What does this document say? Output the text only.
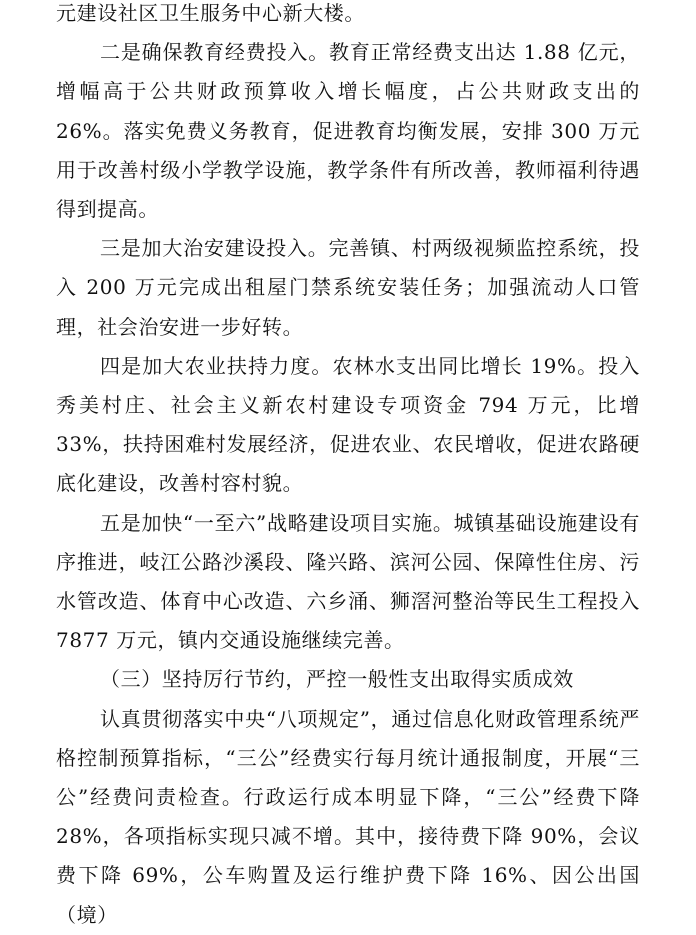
元建设社区卫生服务中心新大楼。

二是确保教育经费投入。教育正常经费支出达 1.88 亿元，增幅高于公共财政预算收入增长幅度，占公共财政支出的 26%。落实免费义务教育，促进教育均衡发展，安排 300 万元用于改善村级小学教学设施，教学条件有所改善，教师福利待遇得到提高。

三是加大治安建设投入。完善镇、村两级视频监控系统，投入 200 万元完成出租屋门禁系统安装任务；加强流动人口管理，社会治安进一步好转。

四是加大农业扶持力度。农林水支出同比增长 19%。投入秀美村庄、社会主义新农村建设专项资金 794 万元，比增 33%，扶持困难村发展经济，促进农业、农民增收，促进农路硬底化建设，改善村容村貌。

五是加快“一至六”战略建设项目实施。城镇基础设施建设有序推进，岐江公路沙溪段、隆兴路、滨河公园、保障性住房、污水管改造、体育中心改造、六乡涌、狮滘河整治等民生工程投入 7877 万元，镇内交通设施继续完善。

（三）坚持厉行节约，严控一般性支出取得实质成效

认真贯彻落实中央“八项规定”，通过信息化财政管理系统严格控制预算指标，“三公”经费实行每月统计通报制度，开展“三公”经费问责检查。行政运行成本明显下降，“三公”经费下降 28%，各项指标实现只减不增。其中，接待费下降 90%，会议费下降 69%，公车购置及运行维护费下降 16%、因公出国（境）
